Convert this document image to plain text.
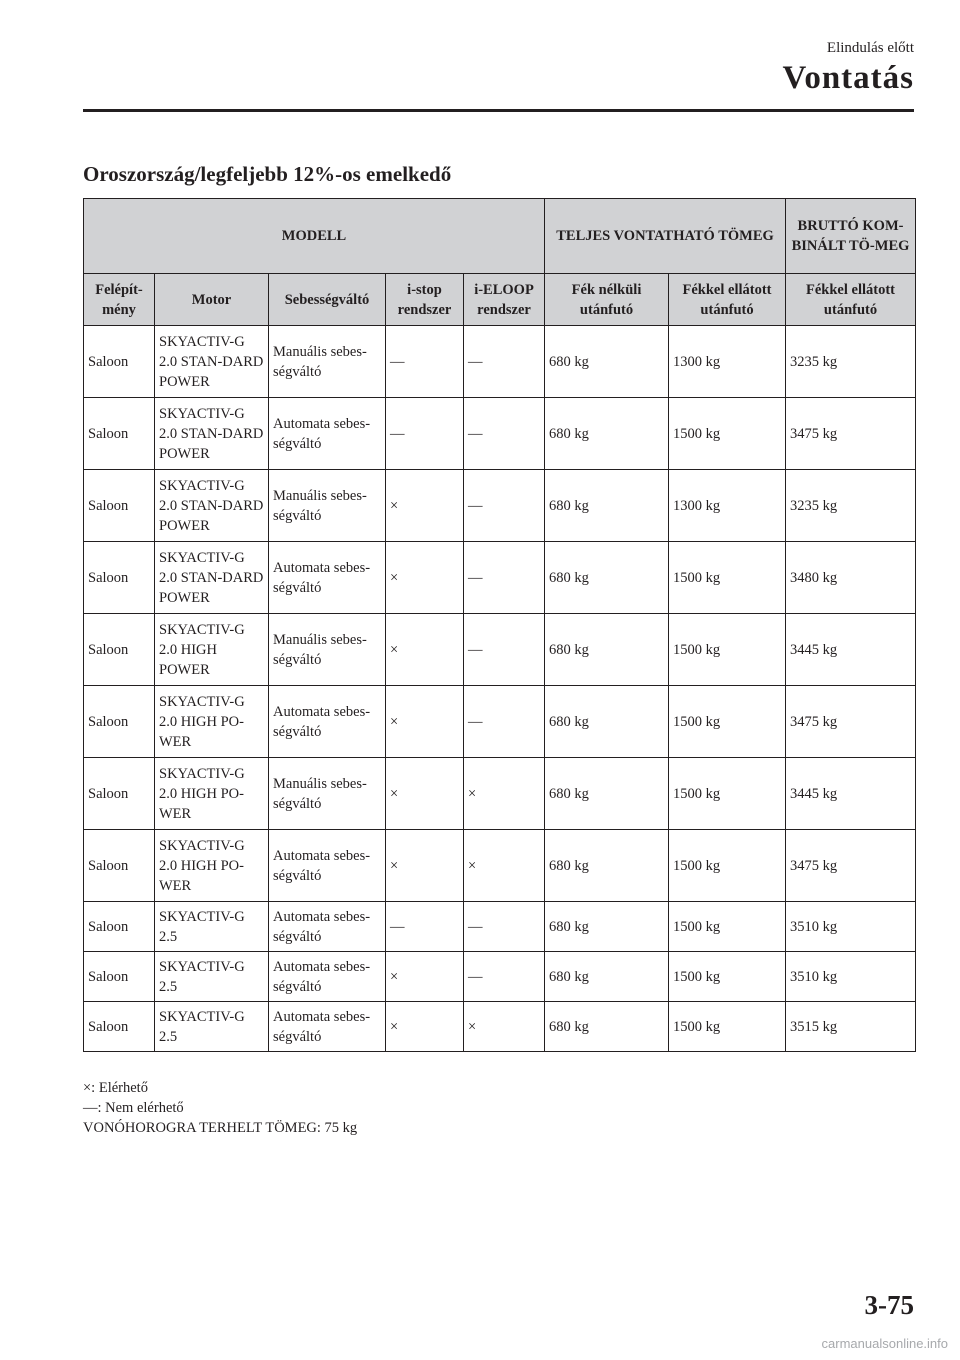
Elindulás előtt
Vontatás
Oroszország/legfeljebb 12%-os emelkedő
MODELL					TELJES VONTATHATÓ TÖMEG		BRUTTÓ KOM-BINÁLT TÖ-MEG
Felépít-mény	Motor	Sebességváltó	i-stop rendszer	i-ELOOP rendszer	Fék nélküli utánfutó	Fékkel ellátott utánfutó	Fékkel ellátott utánfutó
Saloon	SKYACTIV-G 2.0 STAN-DARD POWER	Manuális sebes-ségváltó	—	—	680 kg	1300 kg	3235 kg
Saloon	SKYACTIV-G 2.0 STAN-DARD POWER	Automata sebes-ségváltó	—	—	680 kg	1500 kg	3475 kg
Saloon	SKYACTIV-G 2.0 STAN-DARD POWER	Manuális sebes-ségváltó	×	—	680 kg	1300 kg	3235 kg
Saloon	SKYACTIV-G 2.0 STAN-DARD POWER	Automata sebes-ségváltó	×	—	680 kg	1500 kg	3480 kg
Saloon	SKYACTIV-G 2.0 HIGH POWER	Manuális sebes-ségváltó	×	—	680 kg	1500 kg	3445 kg
Saloon	SKYACTIV-G 2.0 HIGH PO-WER	Automata sebes-ségváltó	×	—	680 kg	1500 kg	3475 kg
Saloon	SKYACTIV-G 2.0 HIGH PO-WER	Manuális sebes-ségváltó	×	×	680 kg	1500 kg	3445 kg
Saloon	SKYACTIV-G 2.0 HIGH PO-WER	Automata sebes-ségváltó	×	×	680 kg	1500 kg	3475 kg
Saloon	SKYACTIV-G 2.5	Automata sebes-ségváltó	—	—	680 kg	1500 kg	3510 kg
Saloon	SKYACTIV-G 2.5	Automata sebes-ségváltó	×	—	680 kg	1500 kg	3510 kg
Saloon	SKYACTIV-G 2.5	Automata sebes-ségváltó	×	×	680 kg	1500 kg	3515 kg
×: Elérhető
—: Nem elérhető
VONÓHOROGRA TERHELT TÖMEG: 75 kg
3-75
carmanualsonline.info
